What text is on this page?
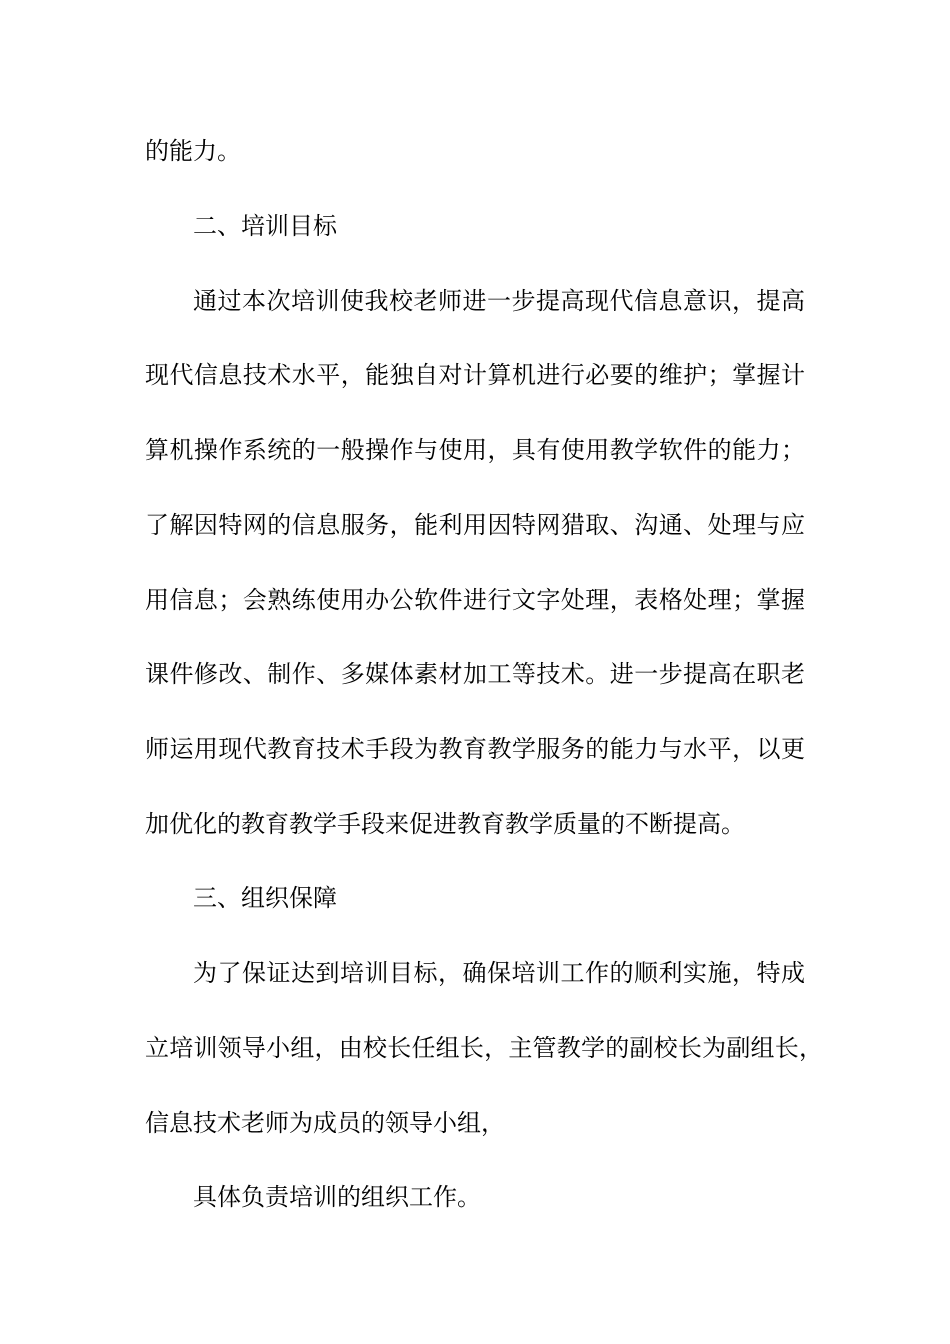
的能力。
二、培训目标
通过本次培训使我校老师进一步提高现代信息意识，提高
现代信息技术水平，能独自对计算机进行必要的维护；掌握计
算机操作系统的一般操作与使用，具有使用教学软件的能力；
了解因特网的信息服务，能利用因特网猎取、沟通、处理与应
用信息；会熟练使用办公软件进行文字处理，表格处理；掌握
课件修改、制作、多媒体素材加工等技术。进一步提高在职老
师运用现代教育技术手段为教育教学服务的能力与水平，以更
加优化的教育教学手段来促进教育教学质量的不断提高。
三、组织保障
为了保证达到培训目标，确保培训工作的顺利实施，特成
立培训领导小组，由校长任组长，主管教学的副校长为副组长，
信息技术老师为成员的领导小组，
具体负责培训的组织工作。
